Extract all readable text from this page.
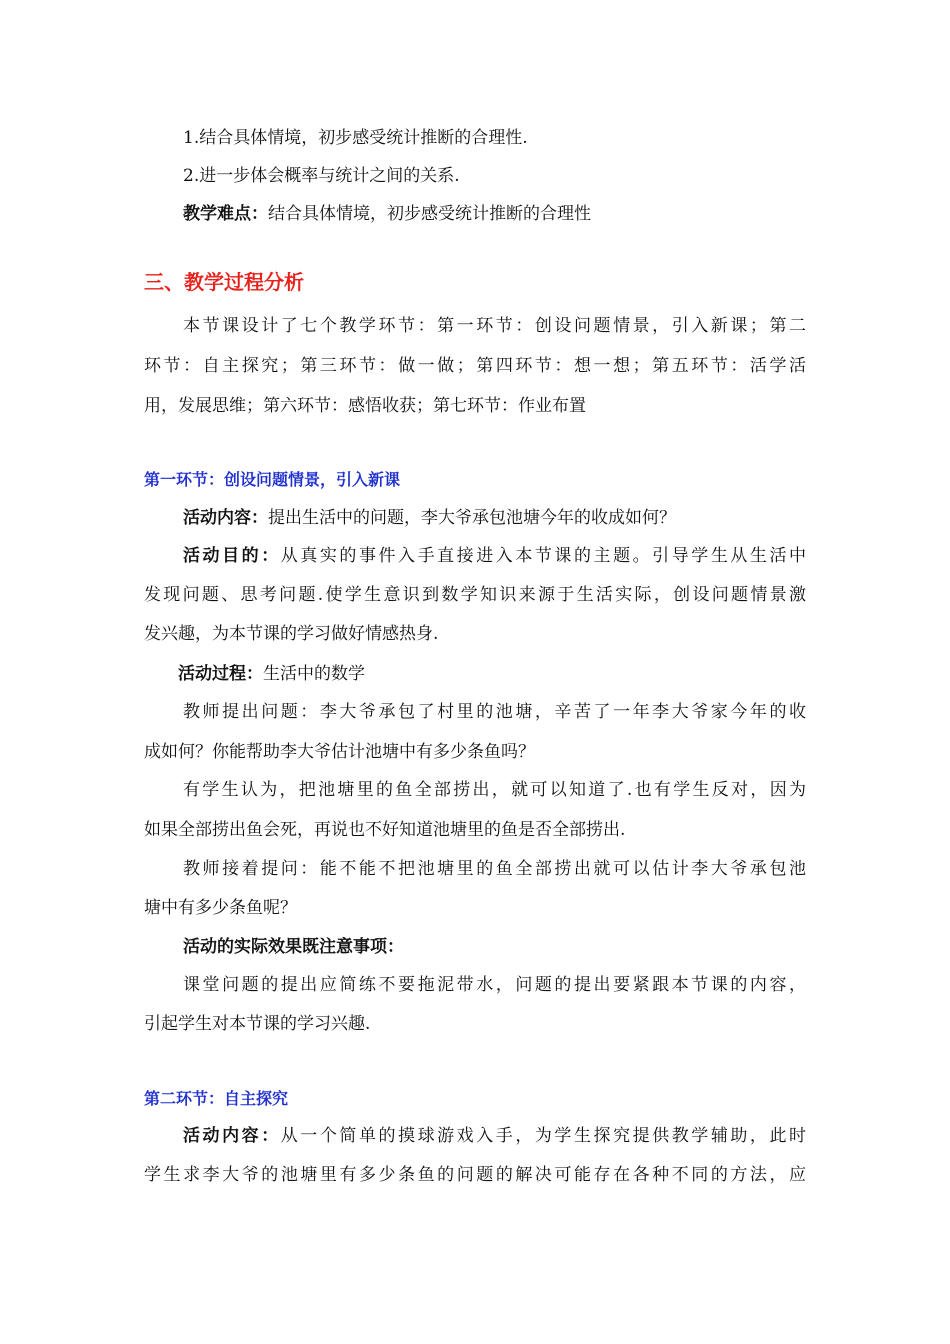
1.结合具体情境，初步感受统计推断的合理性.
2.进一步体会概率与统计之间的关系.
教学难点：结合具体情境，初步感受统计推断的合理性
三、教学过程分析
本节课设计了七个教学环节：第一环节：创设问题情景，引入新课；第二
环节：自主探究；第三环节：做一做；第四环节：想一想；第五环节：活学活
用，发展思维；第六环节：感悟收获；第七环节：作业布置
第一环节：创设问题情景，引入新课
活动内容：提出生活中的问题，李大爷承包池塘今年的收成如何？
活动目的：从真实的事件入手直接进入本节课的主题。引导学生从生活中
发现问题、思考问题.使学生意识到数学知识来源于生活实际，创设问题情景激
发兴趣，为本节课的学习做好情感热身.
活动过程：生活中的数学
教师提出问题：李大爷承包了村里的池塘，辛苦了一年李大爷家今年的收
成如何？你能帮助李大爷估计池塘中有多少条鱼吗？
有学生认为，把池塘里的鱼全部捞出，就可以知道了.也有学生反对，因为
如果全部捞出鱼会死，再说也不好知道池塘里的鱼是否全部捞出.
教师接着提问：能不能不把池塘里的鱼全部捞出就可以估计李大爷承包池
塘中有多少条鱼呢？
活动的实际效果既注意事项：
课堂问题的提出应简练不要拖泥带水，问题的提出要紧跟本节课的内容，
引起学生对本节课的学习兴趣.
第二环节：自主探究
活动内容：从一个简单的摸球游戏入手，为学生探究提供教学辅助，此时
学生求李大爷的池塘里有多少条鱼的问题的解决可能存在各种不同的方法，应
